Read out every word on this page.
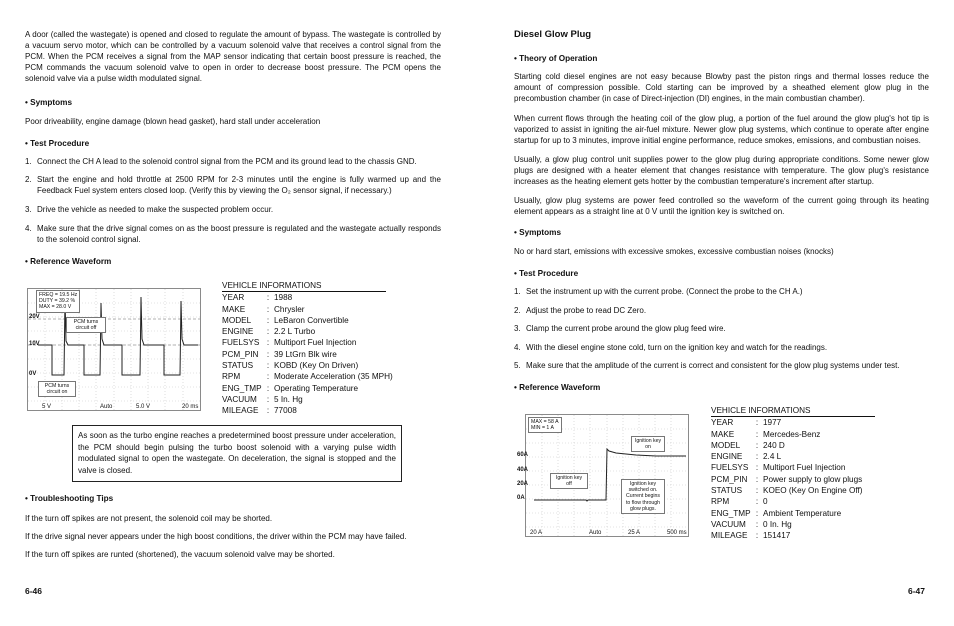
A door (called the wastegate) is opened and closed to regulate the amount of bypass. The wastegate is controlled by a vacuum servo motor, which can be controlled by a vacuum solenoid valve that receives a control signal from the PCM. When the PCM receives a signal from the MAP sensor indicating that certain boost pressure is reached, the PCM commands the vacuum solenoid valve to open in order to decrease boost pressure. The PCM opens the solenoid valve via a pulse width modulated signal.

• Symptoms

Poor driveability, engine damage (blown head gasket), hard stall under acceleration

• Test Procedure
1. Connect the CH A lead to the solenoid control signal from the PCM and its ground lead to the chassis GND.
2. Start the engine and hold throttle at 2500 RPM for 2-3 minutes until the engine is fully warmed up and the Feedback Fuel system enters closed loop. (Verify this by viewing the O₂ sensor signal, if necessary.)
3. Drive the vehicle as needed to make the suspected problem occur.
4. Make sure that the drive signal comes on as the boost pressure is regulated and the wastegate actually responds to the solenoid control signal.
• Reference Waveform
FREQ = 19.5 Hz
DUTY = 39.2 %
MAX = 28.0 V
PCM turns circuit off
PCM turns circuit on
20V
10V
0V
5 V	Auto	5.0 V	20 ms
VEHICLE INFORMATIONS
YEAR	: 1988
MAKE	: Chrysler
MODEL	: LeBaron Convertible
ENGINE	: 2.2 L Turbo
FUELSYS : Multiport Fuel Injection
PCM_PIN	: 39 LtGrn Blk wire
STATUS	: KOBD (Key On Driven)
RPM	: Moderate Acceleration (35 MPH)
ENG_TMP : Operating Temperature
VACUUM	: 5 In. Hg
MILEAGE	: 77008

As soon as the turbo engine reaches a predetermined boost pressure under acceleration, the PCM should begin pulsing the turbo boost solenoid with a varying pulse width modulated signal to open the wastegate. On deceleration, the signal is stopped and the valve is closed.

• Troubleshooting Tips

If the turn off spikes are not present, the solenoid coil may be shorted.

If the drive signal never appears under the high boost conditions, the driver within the PCM may have failed.

If the turn off spikes are runted (shortened), the vacuum solenoid valve may be shorted.

6-46
Diesel Glow Plug
• Theory of Operation

Starting cold diesel engines are not easy because Blowby past the piston rings and thermal losses reduce the amount of compression possible. Cold starting can be improved by a sheathed element glow plug in the precombustion chamber (in case of Direct-injection (DI) engines, in the main combustian chamber).

When current flows through the heating coil of the glow plug, a portion of the fuel around the glow plug's hot tip is vaporized to assist in igniting the air-fuel mixture. Newer glow plug systems, which continue to operate after engine startup for up to 3 minutes, improve initial engine performance, reduce smokes, emissions, and combustian noises.

Usually, a glow plug control unit supplies power to the glow plug during appropriate conditions. Some newer glow plugs are designed with a heater element that changes resistance with temperature. The glow plug's resistance increases as the heating element gets hotter by the combustian temperature's increment after startup.

Usually, glow plug systems are power feed controlled so the waveform of the current going through its heating element appears as a straight line at 0 V until the ignition key is switched on.

• Symptoms

No or hard start, emissions with excessive smokes, excessive combustian noises (knocks)

• Test Procedure
1. Set the instrument up with the current probe. (Connect the probe to the CH A.)
2. Adjust the probe to read DC Zero.
3. Clamp the current probe around the glow plug feed wire.
4. With the diesel engine stone cold, turn on the ignition key and watch for the readings.
5. Make sure that the amplitude of the current is correct and consistent for the glow plug systems under test.
• Reference Waveform
MAX = 58 A
MIN = 1 A
Ignition key on
Ignition key off	Ignition key switched on. Current begins to flow through glow plugs.
60A
40A
20A
0A
20 A	Auto	25 A	500 ms
VEHICLE INFORMATIONS
YEAR	: 1977
MAKE	: Mercedes-Benz
MODEL	: 240 D
ENGINE	: 2.4 L
FUELSYS : Multiport Fuel Injection
PCM_PIN	: Power supply to glow plugs
STATUS	: KOEO (Key On Engine Off)
RPM	: 0
ENG_TMP : Ambient Temperature
VACUUM	: 0 In. Hg
MILEAGE	: 151417
6-47
